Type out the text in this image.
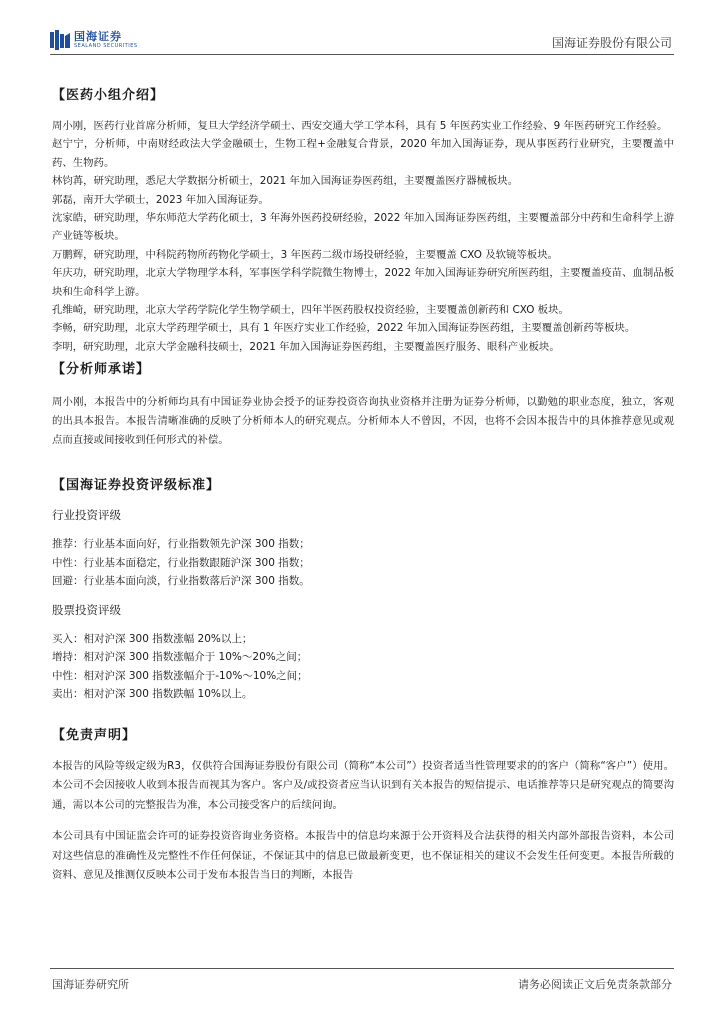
国海证券
SEALAND SECURITIES	国海证券股份有限公司

【医药小组介绍】

周小刚，医药行业首席分析师，复旦大学经济学硕士、西安交通大学工学本科，具有 5 年医药实业工作经验、9 年医药研究工作经验。

赵宁宁，分析师，中南财经政法大学金融硕士，生物工程+金融复合背景，2020 年加入国海证券，现从事医药行业研究，主要覆盖中药、生物药。

林钧苒，研究助理，悉尼大学数据分析硕士，2021 年加入国海证券医药组，主要覆盖医疗器械板块。

郭磊，南开大学硕士，2023 年加入国海证券。

沈家皓，研究助理，华东师范大学药化硕士，3 年海外医药投研经验，2022 年加入国海证券医药组，主要覆盖部分中药和生命科学上游产业链等板块。

万鹏辉，研究助理，中科院药物所药物化学硕士，3 年医药二级市场投研经验，主要覆盖 CXO 及软镜等板块。

年庆功，研究助理，北京大学物理学本科，军事医学科学院微生物博士，2022 年加入国海证券研究所医药组，主要覆盖疫苗、血制品板块和生命科学上游。

孔维崎，研究助理，北京大学药学院化学生物学硕士，四年半医药股权投资经验，主要覆盖创新药和 CXO 板块。

李畅，研究助理，北京大学药理学硕士，具有 1 年医疗实业工作经验，2022 年加入国海证券医药组，主要覆盖创新药等板块。

李明，研究助理，北京大学金融科技硕士，2021 年加入国海证券医药组，主要覆盖医疗服务、眼科产业板块。

【分析师承诺】

周小刚，本报告中的分析师均具有中国证券业协会授予的证券投资咨询执业资格并注册为证券分析师，以勤勉的职业态度，独立，客观的出具本报告。本报告清晰准确的反映了分析师本人的研究观点。分析师本人不曾因，不因，也将不会因本报告中的具体推荐意见或观点而直接或间接收到任何形式的补偿。

【国海证券投资评级标准】

行业投资评级

推荐：行业基本面向好，行业指数领先沪深 300 指数；

中性：行业基本面稳定，行业指数跟随沪深 300 指数；

回避：行业基本面向淡，行业指数落后沪深 300 指数。

股票投资评级

买入：相对沪深 300 指数涨幅 20%以上；

增持：相对沪深 300 指数涨幅介于 10%～20%之间；

中性：相对沪深 300 指数涨幅介于-10%～10%之间；

卖出：相对沪深 300 指数跌幅 10%以上。

【免责声明】

本报告的风险等级定级为R3，仅供符合国海证券股份有限公司（简称“本公司”）投资者适当性管理要求的的客户（简称“客户”）使用。本公司不会因接收人收到本报告而视其为客户。客户及/或投资者应当认识到有关本报告的短信提示、电话推荐等只是研究观点的简要沟通，需以本公司的完整报告为准，本公司接受客户的后续问询。

本公司具有中国证监会许可的证券投资咨询业务资格。本报告中的信息均来源于公开资料及合法获得的相关内部外部报告资料，本公司对这些信息的准确性及完整性不作任何保证，不保证其中的信息已做最新变更，也不保证相关的建议不会发生任何变更。本报告所载的资料、意见及推测仅反映本公司于发布本报告当日的判断，本报告

国海证券研究所	请务必阅读正文后免责条款部分
